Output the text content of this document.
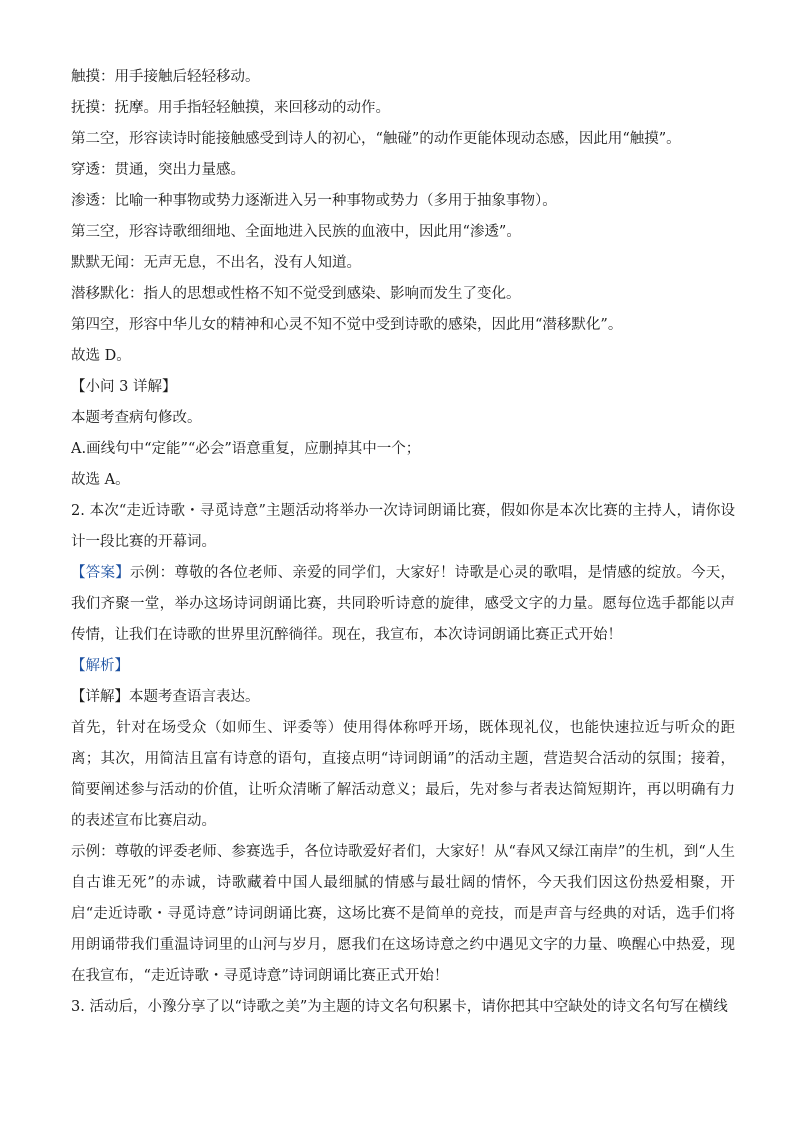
触摸：用手接触后轻轻移动。
抚摸：抚摩。用手指轻轻触摸，来回移动的动作。
第二空，形容读诗时能接触感受到诗人的初心，“触碰”的动作更能体现动态感，因此用“触摸”。
穿透：贯通，突出力量感。
渗透：比喻一种事物或势力逐渐进入另一种事物或势力（多用于抽象事物）。
第三空，形容诗歌细细地、全面地进入民族的血液中，因此用“渗透”。
默默无闻：无声无息，不出名，没有人知道。
潜移默化：指人的思想或性格不知不觉受到感染、影响而发生了变化。
第四空，形容中华儿女的精神和心灵不知不觉中受到诗歌的感染，因此用“潜移默化”。
故选 D。
【小问 3 详解】
本题考查病句修改。
A.画线句中“定能”“必会”语意重复，应删掉其中一个；
故选 A。
2. 本次“走近诗歌・寻觅诗意”主题活动将举办一次诗词朗诵比赛，假如你是本次比赛的主持人，请你设计一段比赛的开幕词。
【答案】示例：尊敬的各位老师、亲爱的同学们，大家好！诗歌是心灵的歌唱，是情感的绽放。今天，我们齐聚一堂，举办这场诗词朗诵比赛，共同聆听诗意的旋律，感受文字的力量。愿每位选手都能以声传情，让我们在诗歌的世界里沉醉徜徉。现在，我宣布，本次诗词朗诵比赛正式开始！
【解析】
【详解】本题考查语言表达。
首先，针对在场受众（如师生、评委等）使用得体称呼开场，既体现礼仪，也能快速拉近与听众的距离；其次，用简洁且富有诗意的语句，直接点明“诗词朗诵”的活动主题，营造契合活动的氛围；接着，简要阐述参与活动的价值，让听众清晰了解活动意义；最后，先对参与者表达简短期许，再以明确有力的表述宣布比赛启动。
示例：尊敬的评委老师、参赛选手，各位诗歌爱好者们，大家好！从“春风又绿江南岸”的生机，到“人生自古谁无死”的赤诚，诗歌藏着中国人最细腻的情感与最壮阔的情怀，今天我们因这份热爱相聚，开启“走近诗歌・寻觅诗意”诗词朗诵比赛，这场比赛不是简单的竞技，而是声音与经典的对话，选手们将用朗诵带我们重温诗词里的山河与岁月，愿我们在这场诗意之约中遇见文字的力量、唤醒心中热爱，现在我宣布，“走近诗歌・寻觅诗意”诗词朗诵比赛正式开始！
3. 活动后，小豫分享了以“诗歌之美”为主题的诗文名句积累卡，请你把其中空缺处的诗文名句写在横线
